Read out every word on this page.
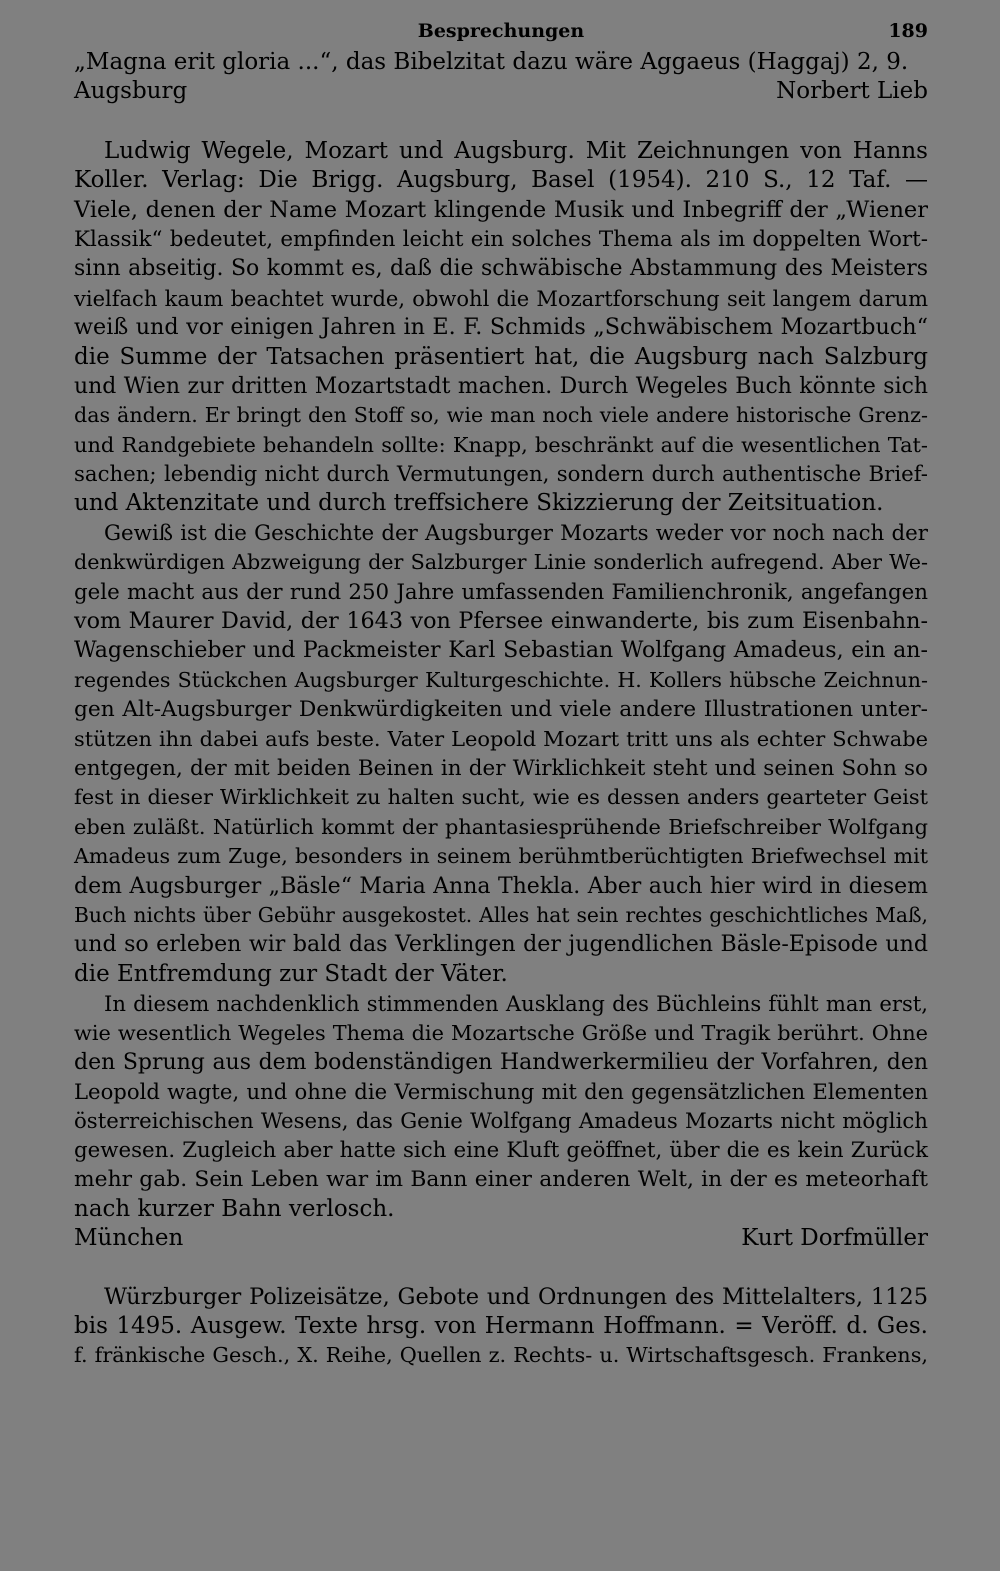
Besprechungen	189
„Magna erit gloria ...“, das Bibelzitat dazu wäre Aggaeus (Haggaj) 2, 9.
Augsburg	Norbert Lieb
Ludwig Wegele, Mozart und Augsburg. Mit Zeichnungen von Hanns
Koller. Verlag: Die Brigg. Augsburg, Basel (1954). 210 S., 12 Taf. —
Viele, denen der Name Mozart klingende Musik und Inbegriff der „Wiener
Klassik“ bedeutet, empfinden leicht ein solches Thema als im doppelten Wort-
sinn abseitig. So kommt es, daß die schwäbische Abstammung des Meisters
vielfach kaum beachtet wurde, obwohl die Mozartforschung seit langem darum
weiß und vor einigen Jahren in E. F. Schmids „Schwäbischem Mozartbuch“
die Summe der Tatsachen präsentiert hat, die Augsburg nach Salzburg
und Wien zur dritten Mozartstadt machen. Durch Wegeles Buch könnte sich
das ändern. Er bringt den Stoff so, wie man noch viele andere historische Grenz-
und Randgebiete behandeln sollte: Knapp, beschränkt auf die wesentlichen Tat-
sachen; lebendig nicht durch Vermutungen, sondern durch authentische Brief-
und Aktenzitate und durch treffsichere Skizzierung der Zeitsituation.
Gewiß ist die Geschichte der Augsburger Mozarts weder vor noch nach der
denkwürdigen Abzweigung der Salzburger Linie sonderlich aufregend. Aber We-
gele macht aus der rund 250 Jahre umfassenden Familienchronik, angefangen
vom Maurer David, der 1643 von Pfersee einwanderte, bis zum Eisenbahn-
Wagenschieber und Packmeister Karl Sebastian Wolfgang Amadeus, ein an-
regendes Stückchen Augsburger Kulturgeschichte. H. Kollers hübsche Zeichnun-
gen Alt-Augsburger Denkwürdigkeiten und viele andere Illustrationen unter-
stützen ihn dabei aufs beste. Vater Leopold Mozart tritt uns als echter Schwabe
entgegen, der mit beiden Beinen in der Wirklichkeit steht und seinen Sohn so
fest in dieser Wirklichkeit zu halten sucht, wie es dessen anders gearteter Geist
eben zuläßt. Natürlich kommt der phantasiesprühende Briefschreiber Wolfgang
Amadeus zum Zuge, besonders in seinem berühmtberüchtigten Briefwechsel mit
dem Augsburger „Bäsle“ Maria Anna Thekla. Aber auch hier wird in diesem
Buch nichts über Gebühr ausgekostet. Alles hat sein rechtes geschichtliches Maß,
und so erleben wir bald das Verklingen der jugendlichen Bäsle-Episode und
die Entfremdung zur Stadt der Väter.
In diesem nachdenklich stimmenden Ausklang des Büchleins fühlt man erst,
wie wesentlich Wegeles Thema die Mozartsche Größe und Tragik berührt. Ohne
den Sprung aus dem bodenständigen Handwerkermilieu der Vorfahren, den
Leopold wagte, und ohne die Vermischung mit den gegensätzlichen Elementen
österreichischen Wesens, das Genie Wolfgang Amadeus Mozarts nicht möglich
gewesen. Zugleich aber hatte sich eine Kluft geöffnet, über die es kein Zurück
mehr gab. Sein Leben war im Bann einer anderen Welt, in der es meteorhaft
nach kurzer Bahn verlosch.
München	Kurt Dorfmüller
Würzburger Polizeisätze, Gebote und Ordnungen des Mittelalters, 1125
bis 1495. Ausgew. Texte hrsg. von Hermann Hoffmann. = Veröff. d. Ges.
f. fränkische Gesch., X. Reihe, Quellen z. Rechts- u. Wirtschaftsgesch. Frankens,
